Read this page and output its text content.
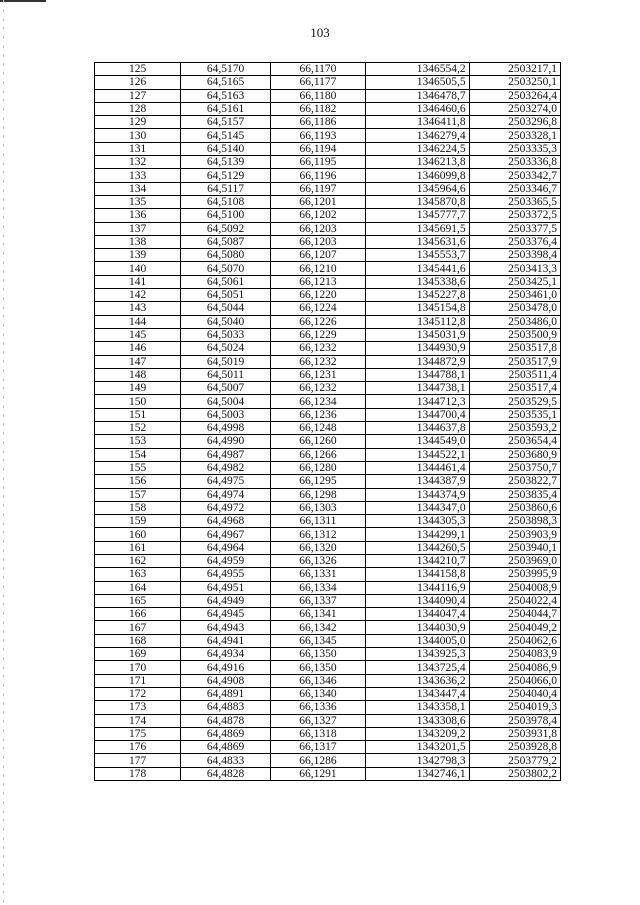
103
125	64,5170	66,1170	1346554,2	2503217,1
126	64,5165	66,1177	1346505,5	2503250,1
127	64,5163	66,1180	1346478,7	2503264,4
128	64,5161	66,1182	1346460,6	2503274,0
129	64,5157	66,1186	1346411,8	2503296,8
130	64,5145	66,1193	1346279,4	2503328,1
131	64,5140	66,1194	1346224,5	2503335,3
132	64,5139	66,1195	1346213,8	2503336,8
133	64,5129	66,1196	1346099,8	2503342,7
134	64,5117	66,1197	1345964,6	2503346,7
135	64,5108	66,1201	1345870,8	2503365,5
136	64,5100	66,1202	1345777,7	2503372,5
137	64,5092	66,1203	1345691,5	2503377,5
138	64,5087	66,1203	1345631,6	2503376,4
139	64,5080	66,1207	1345553,7	2503398,4
140	64,5070	66,1210	1345441,6	2503413,3
141	64,5061	66,1213	1345338,6	2503425,1
142	64,5051	66,1220	1345227,8	2503461,0
143	64,5044	66,1224	1345154,8	2503478,0
144	64,5040	66,1226	1345112,8	2503486,0
145	64,5033	66,1229	1345031,9	2503500,9
146	64,5024	66,1232	1344930,9	2503517,8
147	64,5019	66,1232	1344872,9	2503517,9
148	64,5011	66,1231	1344788,1	2503511,4
149	64,5007	66,1232	1344738,1	2503517,4
150	64,5004	66,1234	1344712,3	2503529,5
151	64,5003	66,1236	1344700,4	2503535,1
152	64,4998	66,1248	1344637,8	2503593,2
153	64,4990	66,1260	1344549,0	2503654,4
154	64,4987	66,1266	1344522,1	2503680,9
155	64,4982	66,1280	1344461,4	2503750,7
156	64,4975	66,1295	1344387,9	2503822,7
157	64,4974	66,1298	1344374,9	2503835,4
158	64,4972	66,1303	1344347,0	2503860,6
159	64,4968	66,1311	1344305,3	2503898,3
160	64,4967	66,1312	1344299,1	2503903,9
161	64,4964	66,1320	1344260,5	2503940,1
162	64,4959	66,1326	1344210,7	2503969,0
163	64,4955	66,1331	1344158,8	2503995,9
164	64,4951	66,1334	1344116,9	2504008,9
165	64,4949	66,1337	1344090,4	2504022,4
166	64,4945	66,1341	1344047,4	2504044,7
167	64,4943	66,1342	1344030,9	2504049,2
168	64,4941	66,1345	1344005,0	2504062,6
169	64,4934	66,1350	1343925,3	2504083,9
170	64,4916	66,1350	1343725,4	2504086,9
171	64,4908	66,1346	1343636,2	2504066,0
172	64,4891	66,1340	1343447,4	2504040,4
173	64,4883	66,1336	1343358,1	2504019,3
174	64,4878	66,1327	1343308,6	2503978,4
175	64,4869	66,1318	1343209,2	2503931,8
176	64,4869	66,1317	1343201,5	2503928,8
177	64,4833	66,1286	1342798,3	2503779,2
178	64,4828	66,1291	1342746,1	2503802,2
